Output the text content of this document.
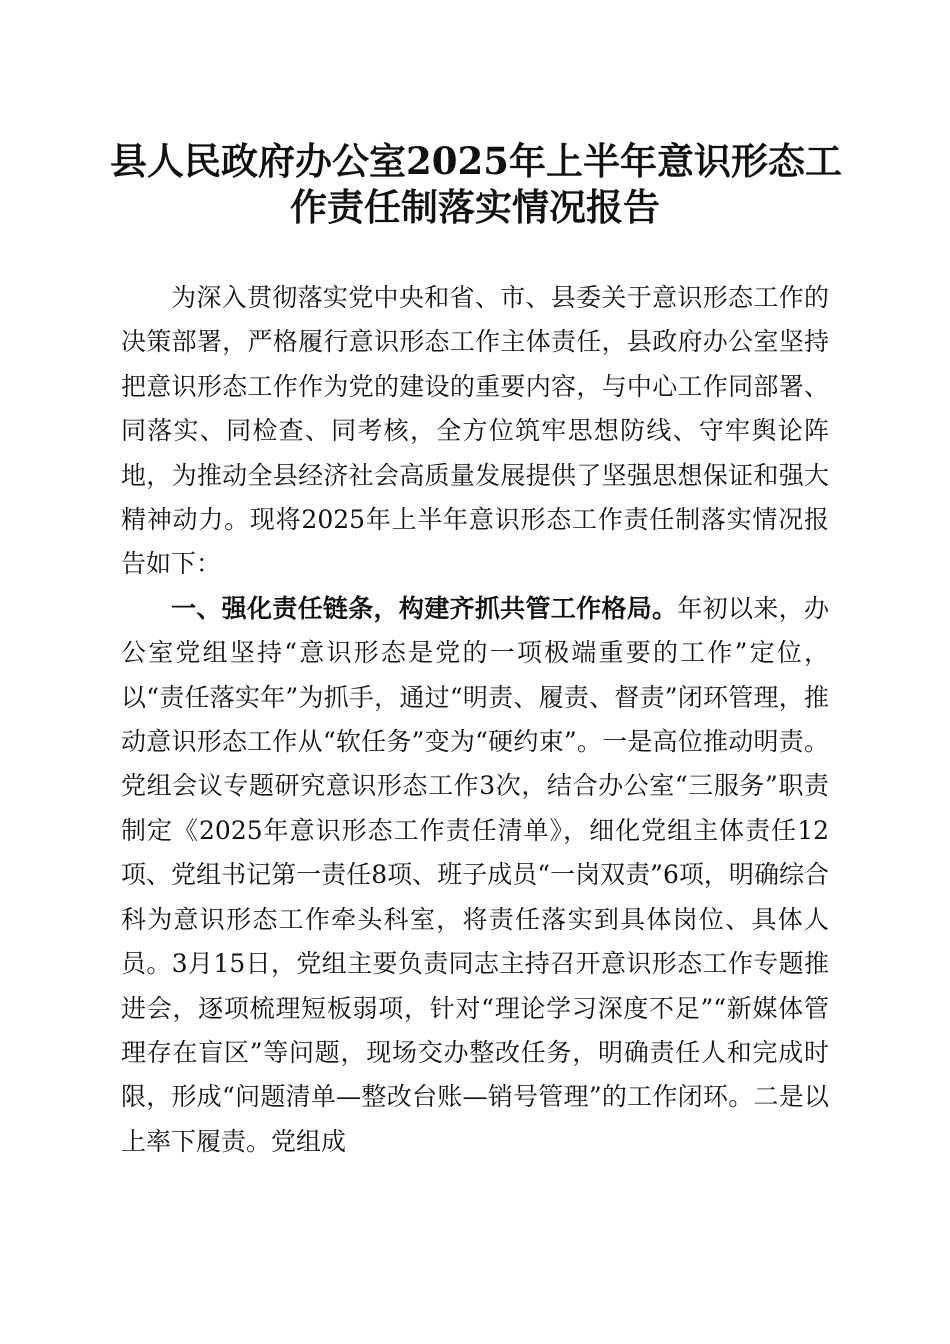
县人民政府办公室2025年上半年意识形态工
作责任制落实情况报告

为深入贯彻落实党中央和省、市、县委关于意识形态工作的决策部署，严格履行意识形态工作主体责任，县政府办公室坚持把意识形态工作作为党的建设的重要内容，与中心工作同部署、同落实、同检查、同考核，全方位筑牢思想防线、守牢舆论阵地，为推动全县经济社会高质量发展提供了坚强思想保证和强大精神动力。现将2025年上半年意识形态工作责任制落实情况报告如下：

一、强化责任链条，构建齐抓共管工作格局。年初以来，办公室党组坚持“意识形态是党的一项极端重要的工作”定位，以“责任落实年”为抓手，通过“明责、履责、督责”闭环管理，推动意识形态工作从“软任务”变为“硬约束”。一是高位推动明责。党组会议专题研究意识形态工作3次，结合办公室“三服务”职责制定《2025年意识形态工作责任清单》，细化党组主体责任12项、党组书记第一责任8项、班子成员“一岗双责”6项，明确综合科为意识形态工作牵头科室，将责任落实到具体岗位、具体人员。3月15日，党组主要负责同志主持召开意识形态工作专题推进会，逐项梳理短板弱项，针对“理论学习深度不足”“新媒体管理存在盲区”等问题，现场交办整改任务，明确责任人和完成时限，形成“问题清单—整改台账—销号管理”的工作闭环。二是以上率下履责。党组成
